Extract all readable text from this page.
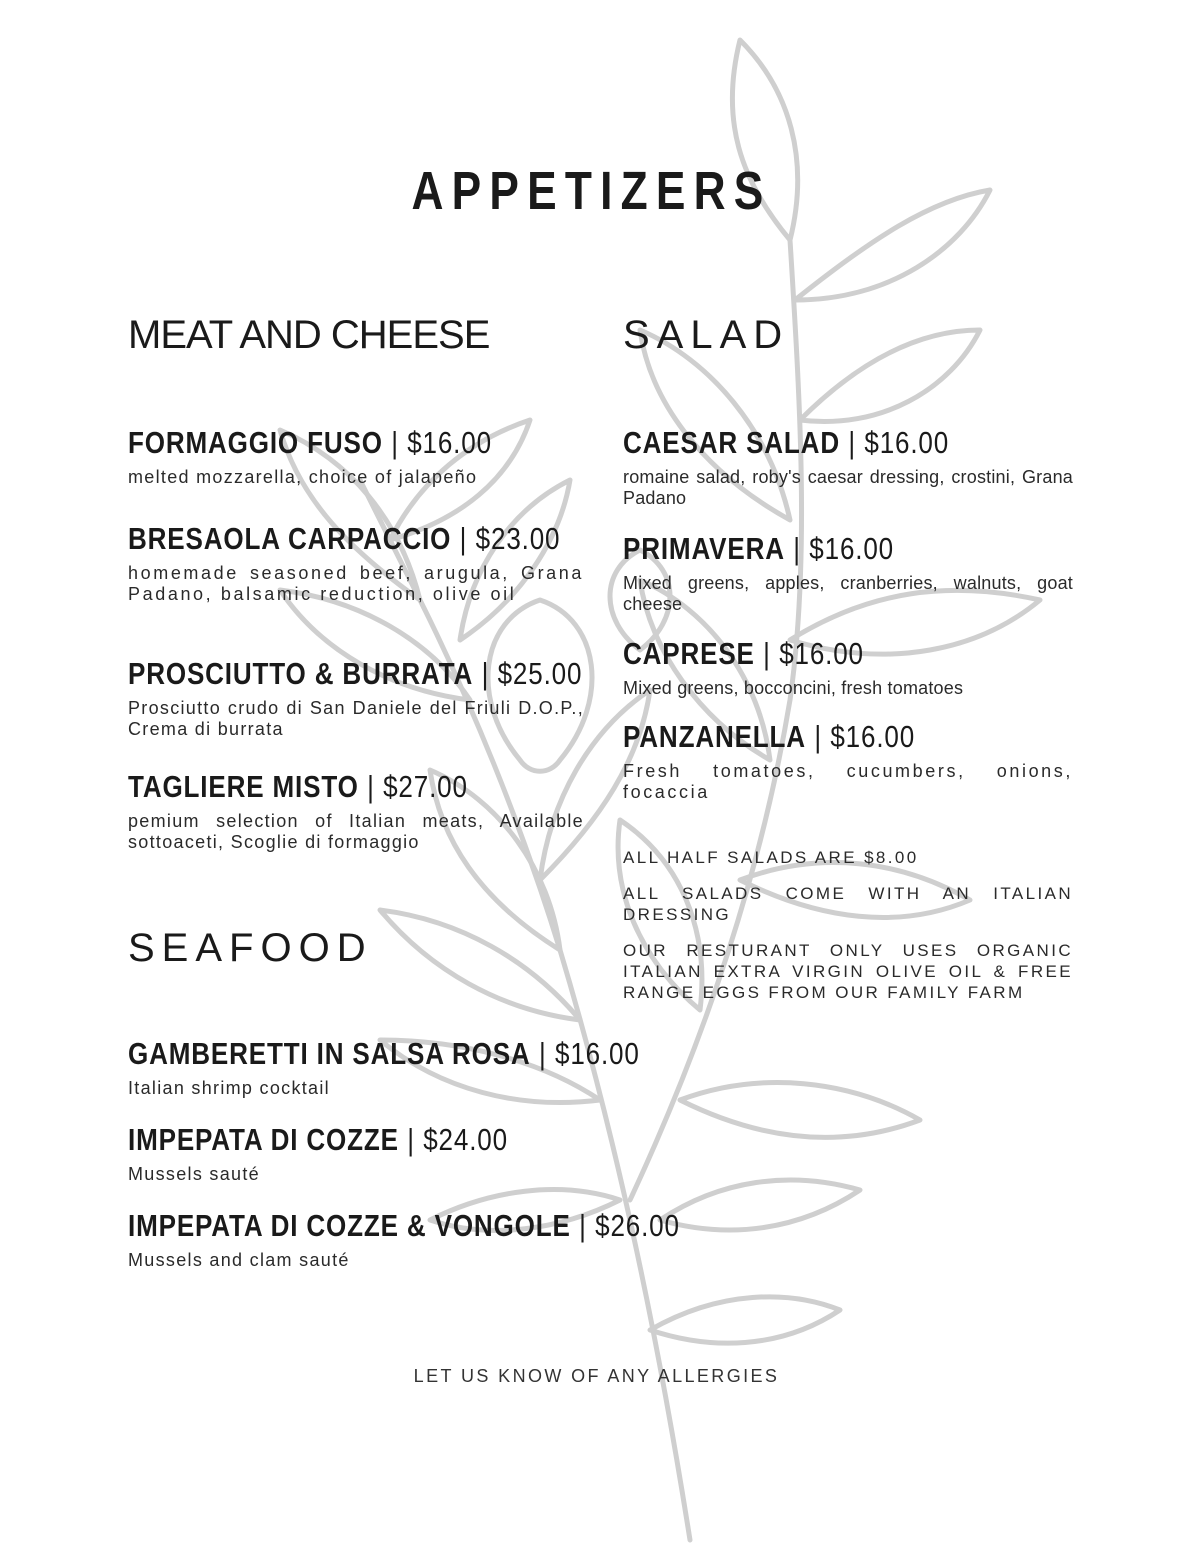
APPETIZERS
MEAT AND CHEESE
FORMAGGIO FUSO | $16.00
melted mozzarella, choice of jalapeño
BRESAOLA CARPACCIO | $23.00
homemade seasoned beef, arugula, Grana Padano, balsamic reduction, olive oil
PROSCIUTTO & BURRATA | $25.00
Prosciutto crudo di San Daniele del Friuli D.O.P., Crema di burrata
TAGLIERE MISTO | $27.00
pemium selection of Italian meats, Available sottoaceti, Scoglie di formaggio
SEAFOOD
GAMBERETTI IN SALSA ROSA | $16.00
Italian shrimp cocktail
IMPEPATA DI COZZE | $24.00
Mussels sauté
IMPEPATA DI COZZE & VONGOLE | $26.00
Mussels and clam sauté
SALAD
CAESAR SALAD | $16.00
romaine salad, roby's caesar dressing, crostini, Grana Padano
PRIMAVERA | $16.00
Mixed greens, apples, cranberries, walnuts, goat cheese
CAPRESE | $16.00
Mixed greens, bocconcini, fresh tomatoes
PANZANELLA | $16.00
Fresh tomatoes, cucumbers, onions, focaccia
ALL HALF SALADS ARE $8.00
ALL SALADS COME WITH AN ITALIAN DRESSING
OUR RESTURANT ONLY USES ORGANIC ITALIAN EXTRA VIRGIN OLIVE OIL & FREE RANGE EGGS FROM OUR FAMILY FARM
LET US KNOW OF ANY ALLERGIES
